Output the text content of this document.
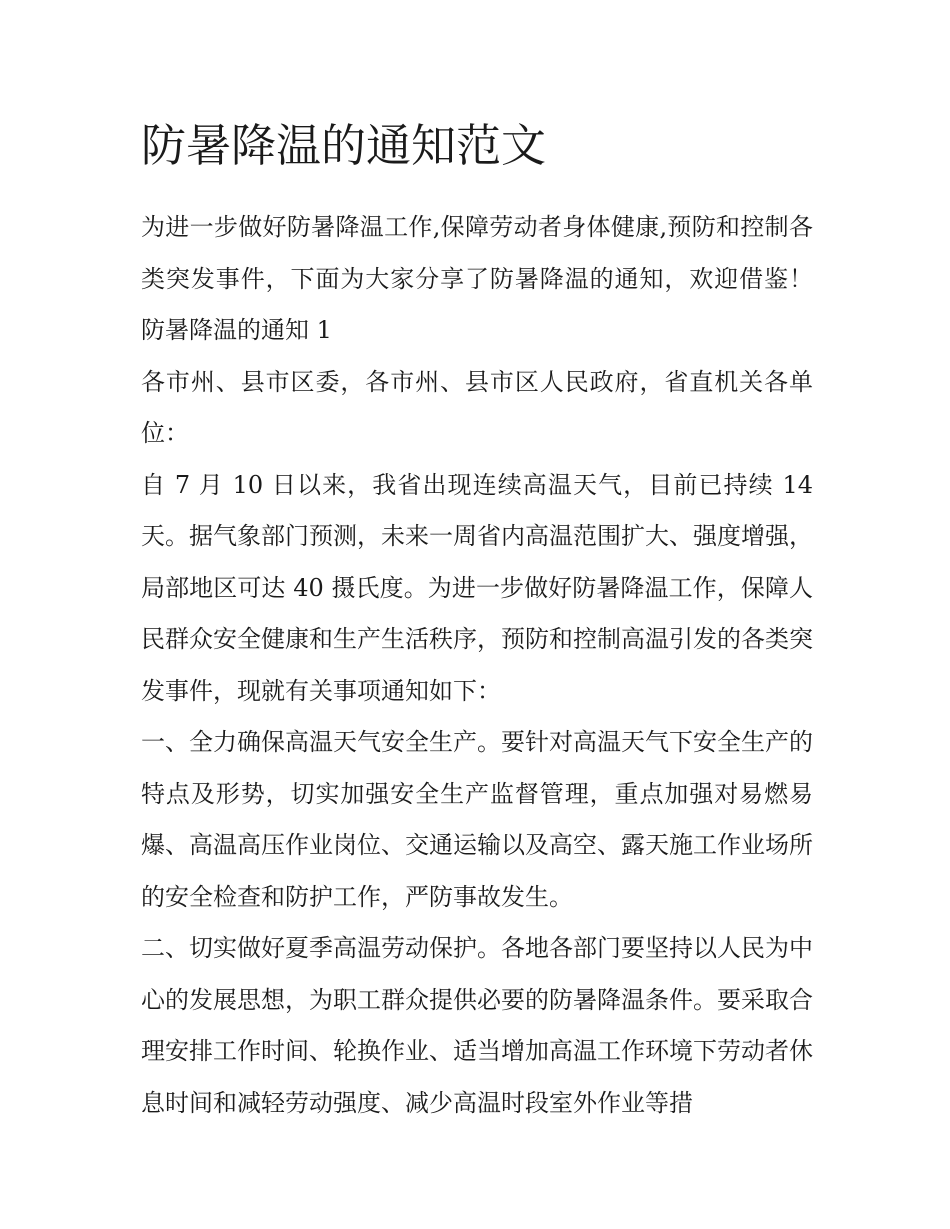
防暑降温的通知范文

为进一步做好防暑降温工作,保障劳动者身体健康,预防和控制各类突发事件，下面为大家分享了防暑降温的通知，欢迎借鉴！ 防暑降温的通知 1

各市州、县市区委，各市州、县市区人民政府，省直机关各单位：

自 7 月 10 日以来，我省出现连续高温天气，目前已持续 14 天。据气象部门预测，未来一周省内高温范围扩大、强度增强，局部地区可达 40 摄氏度。为进一步做好防暑降温工作，保障人民群众安全健康和生产生活秩序，预防和控制高温引发的各类突发事件，现就有关事项通知如下：

一、全力确保高温天气安全生产。要针对高温天气下安全生产的特点及形势，切实加强安全生产监督管理，重点加强对易燃易爆、高温高压作业岗位、交通运输以及高空、露天施工作业场所的安全检查和防护工作，严防事故发生。

二、切实做好夏季高温劳动保护。各地各部门要坚持以人民为中心的发展思想，为职工群众提供必要的防暑降温条件。要采取合理安排工作时间、轮换作业、适当增加高温工作环境下劳动者休息时间和减轻劳动强度、减少高温时段室外作业等措
